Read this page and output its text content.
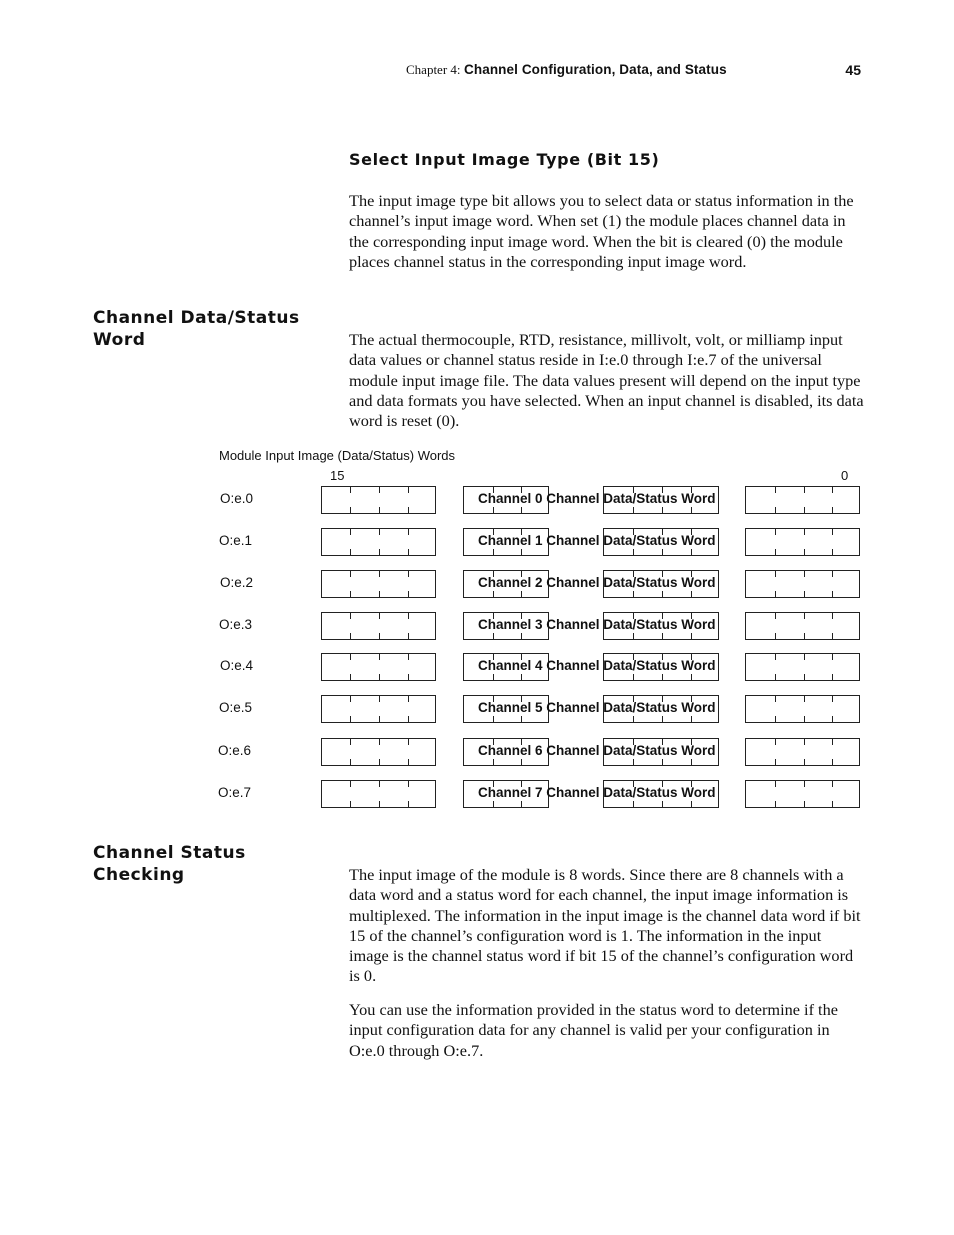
Chapter 4: Channel Configuration, Data, and Status	45
Select Input Image Type (Bit 15)
The input image type bit allows you to select data or status information in the channel’s input image word. When set (1) the module places channel data in the corresponding input image word. When the bit is cleared (0) the module places channel status in the corresponding input image word.
Channel Data/Status
Word	The actual thermocouple, RTD, resistance, millivolt, volt, or milliamp input data values or channel status reside in I:e.0 through I:e.7 of the universal module input image file. The data values present will depend on the input type and data formats you have selected. When an input channel is disabled, its data word is reset (0).
Module Input Image (Data/Status) Words
15	0
O:e.0	Channel 0 Channel Data/Status Word
O:e.1	Channel 1 Channel Data/Status Word
O:e.2	Channel 2 Channel Data/Status Word
O:e.3	Channel 3 Channel Data/Status Word
O:e.4	Channel 4 Channel Data/Status Word
O:e.5	Channel 5 Channel Data/Status Word
O:e.6	Channel 6 Channel Data/Status Word
O:e.7	Channel 7 Channel Data/Status Word
Channel Status
Checking	The input image of the module is 8 words. Since there are 8 channels with a data word and a status word for each channel, the input image information is multiplexed. The information in the input image is the channel data word if bit 15 of the channel’s configuration word is 1. The information in the input image is the channel status word if bit 15 of the channel’s configuration word is 0.
You can use the information provided in the status word to determine if the input configuration data for any channel is valid per your configuration in O:e.0 through O:e.7.
